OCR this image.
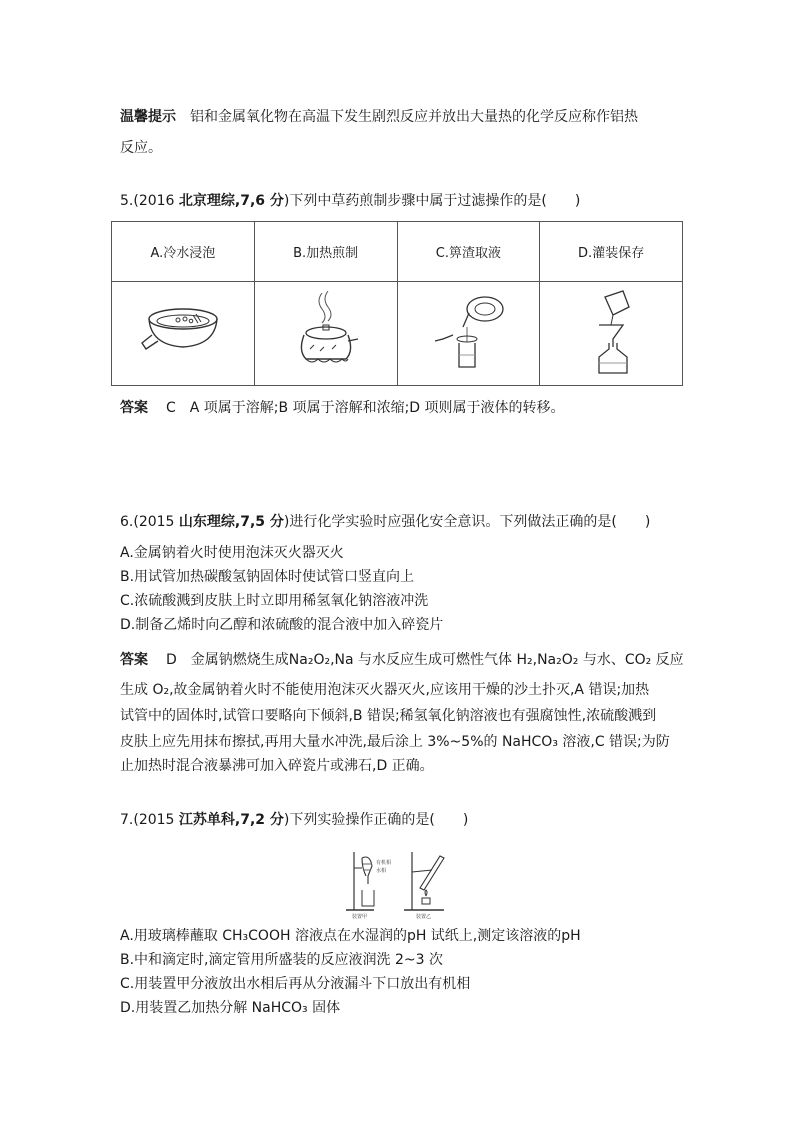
温馨提示 铝和金属氧化物在高温下发生剧烈反应并放出大量热的化学反应称作铝热
反应。
5.(2016 北京理综,7,6 分)下列中草药煎制步骤中属于过滤操作的是(　　)
A.冷水浸泡	B.加热煎制	C.箅渣取液	D.灌装保存

答案 C A 项属于溶解;B 项属于溶解和浓缩;D 项则属于液体的转移。
6.(2015 山东理综,7,5 分)进行化学实验时应强化安全意识。下列做法正确的是(　　)
A.金属钠着火时使用泡沫灭火器灭火
B.用试管加热碳酸氢钠固体时使试管口竖直向上
C.浓硫酸溅到皮肤上时立即用稀氢氧化钠溶液冲洗
D.制备乙烯时向乙醇和浓硫酸的混合液中加入碎瓷片
答案 D 金属钠燃烧生成Na₂O₂,Na 与水反应生成可燃性气体 H₂,Na₂O₂ 与水、CO₂ 反应
生成 O₂,故金属钠着火时不能使用泡沫灭火器灭火,应该用干燥的沙土扑灭,A 错误;加热
试管中的固体时,试管口要略向下倾斜,B 错误;稀氢氧化钠溶液也有强腐蚀性,浓硫酸溅到
皮肤上应先用抹布擦拭,再用大量水冲洗,最后涂上 3%~5%的 NaHCO₃ 溶液,C 错误;为防
止加热时混合液暴沸可加入碎瓷片或沸石,D 正确。
7.(2015 江苏单科,7,2 分)下列实验操作正确的是(　　)
有机相
水相
装置甲	装置乙
A.用玻璃棒蘸取 CH₃COOH 溶液点在水湿润的pH 试纸上,测定该溶液的pH
B.中和滴定时,滴定管用所盛装的反应液润洗 2~3 次
C.用装置甲分液放出水相后再从分液漏斗下口放出有机相
D.用装置乙加热分解 NaHCO₃ 固体
